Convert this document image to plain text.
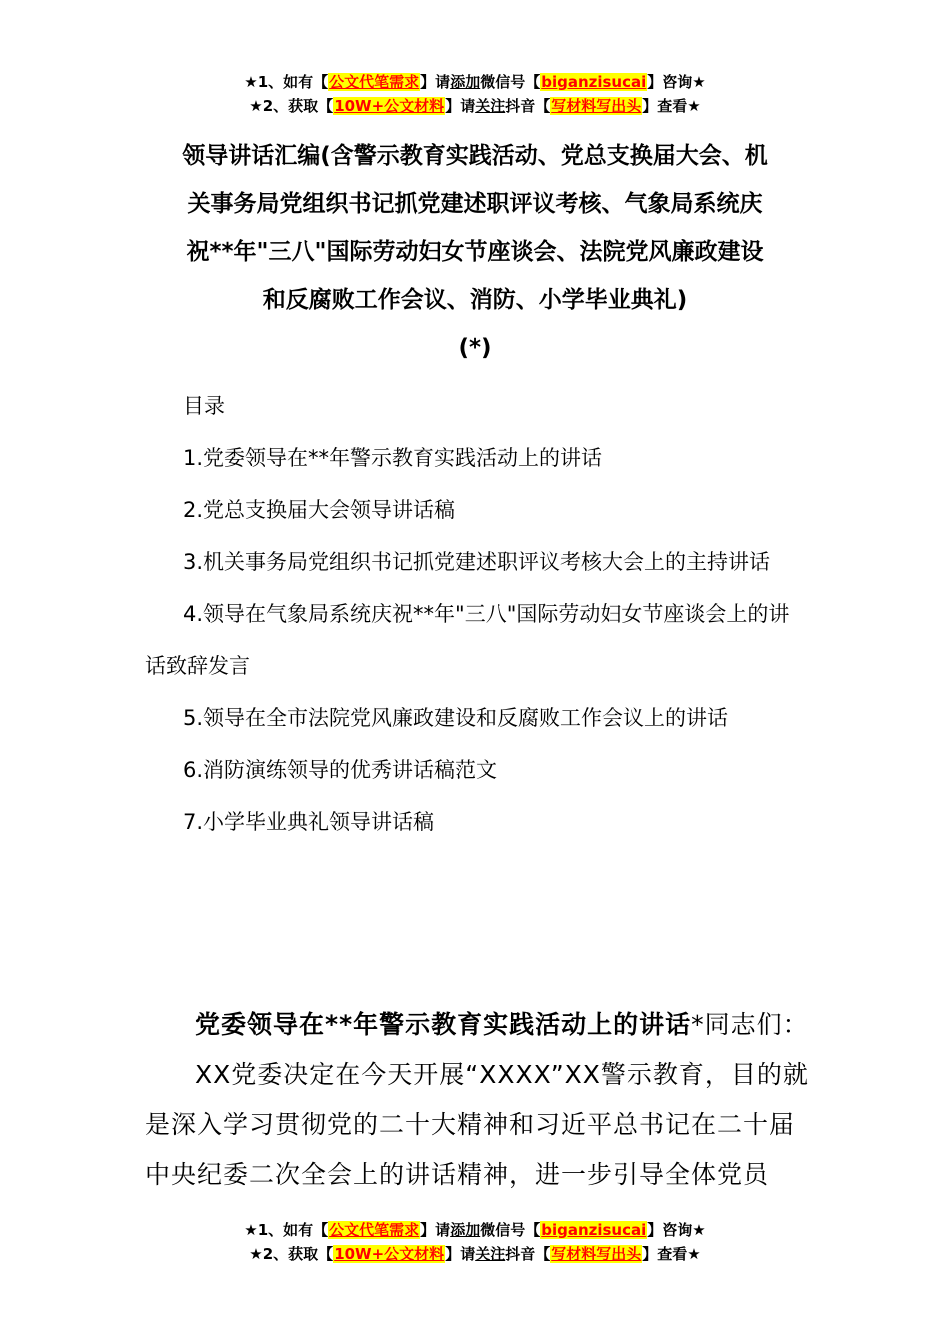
★1、如有【公文代笔需求】请添加微信号【biganzisucai】咨询★
★2、获取【10W+公文材料】请关注抖音【写材料写出头】查看★
领导讲话汇编(含警示教育实践活动、党总支换届大会、机
关事务局党组织书记抓党建述职评议考核、气象局系统庆
祝**年"三八"国际劳动妇女节座谈会、法院党风廉政建设
和反腐败工作会议、消防、小学毕业典礼)
(*)
目录
1.党委领导在**年警示教育实践活动上的讲话
2.党总支换届大会领导讲话稿
3.机关事务局党组织书记抓党建述职评议考核大会上的主持讲话
4.领导在气象局系统庆祝**年"三八"国际劳动妇女节座谈会上的讲话致辞发言
5.领导在全市法院党风廉政建设和反腐败工作会议上的讲话
6.消防演练领导的优秀讲话稿范文
7.小学毕业典礼领导讲话稿
党委领导在**年警示教育实践活动上的讲话*同志们：
XX党委决定在今天开展“XXXX”XX警示教育，目的就是深入学习贯彻党的二十大精神和习近平总书记在二十届中央纪委二次全会上的讲话精神，进一步引导全体党员
★1、如有【公文代笔需求】请添加微信号【biganzisucai】咨询★
★2、获取【10W+公文材料】请关注抖音【写材料写出头】查看★
